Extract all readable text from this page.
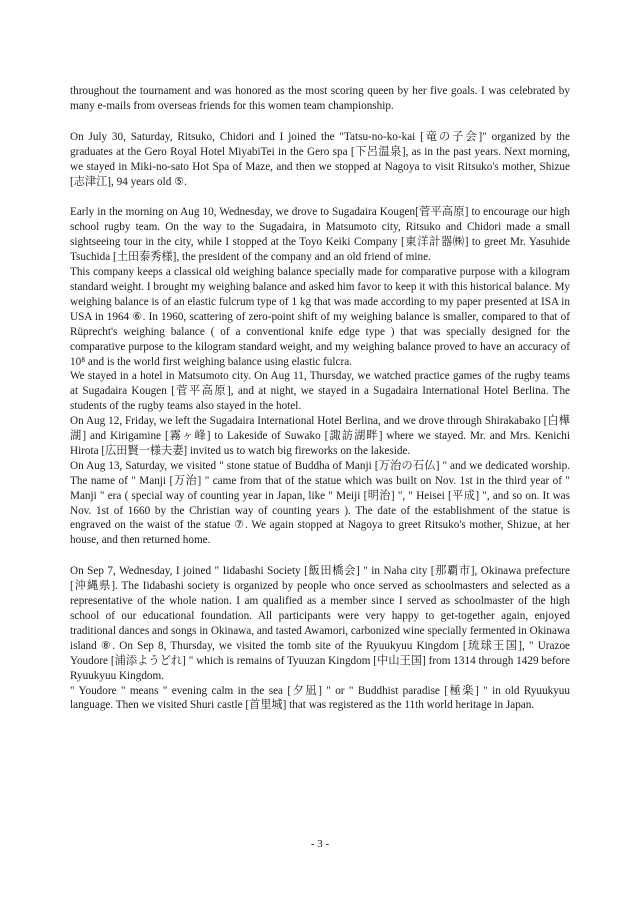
throughout the tournament and was honored as the most scoring queen by her five goals. I was celebrated by many e-mails from overseas friends for this women team championship.

On July 30, Saturday, Ritsuko, Chidori and I joined the "Tatsu-no-ko-kai [竜の子会]" organized by the graduates at the Gero Royal Hotel MiyabiTei in the Gero spa [下呂温泉], as in the past years. Next morning, we stayed in Miki-no-sato Hot Spa of Maze, and then we stopped at Nagoya to visit Ritsuko's mother, Shizue [志津江], 94 years old ⑤.

Early in the morning on Aug 10, Wednesday, we drove to Sugadaira Kougen[菅平高原] to encourage our high school rugby team. On the way to the Sugadaira, in Matsumoto city, Ritsuko and Chidori made a small sightseeing tour in the city, while I stopped at the Toyo Keiki Company [東洋計器㈱] to greet Mr. Yasuhide Tsuchida [土田泰秀様], the president of the company and an old friend of mine.

This company keeps a classical old weighing balance specially made for comparative purpose with a kilogram standard weight. I brought my weighing balance and asked him favor to keep it with this historical balance. My weighing balance is of an elastic fulcrum type of 1 kg that was made according to my paper presented at ISA in USA in 1964 ⑥. In 1960, scattering of zero-point shift of my weighing balance is smaller, compared to that of Rüprecht's weighing balance ( of a conventional knife edge type ) that was specially designed for the comparative purpose to the kilogram standard weight, and my weighing balance proved to have an accuracy of 10⁸ and is the world first weighing balance using elastic fulcra.

We stayed in a hotel in Matsumoto city. On Aug 11, Thursday, we watched practice games of the rugby teams at Sugadaira Kougen [菅平高原], and at night, we stayed in a Sugadaira International Hotel Berlina. The students of the rugby teams also stayed in the hotel.

On Aug 12, Friday, we left the Sugadaira International Hotel Berlina, and we drove through Shirakabako [白樺湖] and Kirigamine [霧ヶ峰] to Lakeside of Suwako [諏訪湖畔] where we stayed. Mr. and Mrs. Kenichi Hirota [広田賢一様夫妻] invited us to watch big fireworks on the lakeside.

On Aug 13, Saturday, we visited " stone statue of Buddha of Manji [万治の石仏] " and we dedicated worship. The name of " Manji [万治] " came from that of the statue which was built on Nov. 1st in the third year of " Manji " era ( special way of counting year in Japan, like " Meiji [明治] ", " Heisei [平成] ", and so on. It was Nov. 1st of 1660 by the Christian way of counting years ). The date of the establishment of the statue is engraved on the waist of the statue ⑦. We again stopped at Nagoya to greet Ritsuko's mother, Shizue, at her house, and then returned home.

On Sep 7, Wednesday, I joined " Iidabashi Society [飯田橋会] " in Naha city [那覇市], Okinawa prefecture [沖縄県]. The Iidabashi society is organized by people who once served as schoolmasters and selected as a representative of the whole nation. I am qualified as a member since I served as schoolmaster of the high school of our educational foundation. All participants were very happy to get-together again, enjoyed traditional dances and songs in Okinawa, and tasted Awamori, carbonized wine specially fermented in Okinawa island ⑧. On Sep 8, Thursday, we visited the tomb site of the Ryuukyuu Kingdom [琉球王国], " Urazoe Youdore [浦添ようどれ] " which is remains of Tyuuzan Kingdom [中山王国] from 1314 through 1429 before Ryuukyuu Kingdom.

" Youdore " means " evening calm in the sea [夕凪] " or " Buddhist paradise [極楽] " in old Ryuukyuu language. Then we visited Shuri castle [首里城] that was registered as the 11th world heritage in Japan.

- 3 -
